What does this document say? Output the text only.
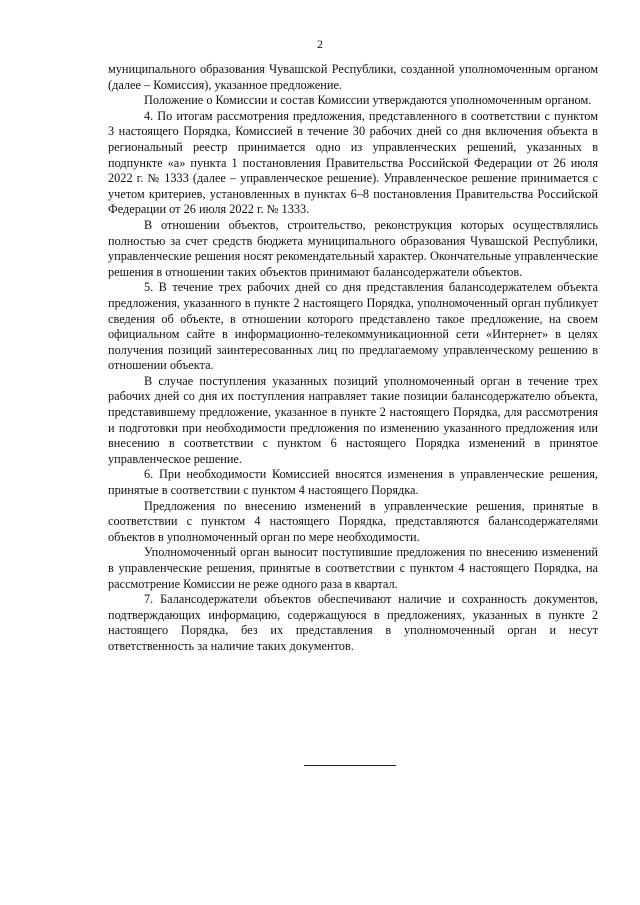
2

муниципального образования Чувашской Республики, созданной уполномоченным органом (далее – Комиссия), указанное предложение.

Положение о Комиссии и состав Комиссии утверждаются уполномоченным органом.

4. По итогам рассмотрения предложения, представленного в соответствии с пунктом 3 настоящего Порядка, Комиссией в течение 30 рабочих дней со дня включения объекта в региональный реестр принимается одно из управленческих решений, указанных в подпункте «а» пункта 1 постановления Правительства Российской Федерации от 26 июля 2022 г. № 1333 (далее – управленческое решение). Управленческое решение принимается с учетом критериев, установленных в пунктах 6–8 постановления Правительства Российской Федерации от 26 июля 2022 г. № 1333.

В отношении объектов, строительство, реконструкция которых осуществлялись полностью за счет средств бюджета муниципального образования Чувашской Республики, управленческие решения носят рекомендательный характер. Окончательные управленческие решения в отношении таких объектов принимают балансодержатели объектов.

5. В течение трех рабочих дней со дня представления балансодержателем объекта предложения, указанного в пункте 2 настоящего Порядка, уполномоченный орган публикует сведения об объекте, в отношении которого представлено такое предложение, на своем официальном сайте в информационно-телекоммуникационной сети «Интернет» в целях получения позиций заинтересованных лиц по предлагаемому управленческому решению в отношении объекта.

В случае поступления указанных позиций уполномоченный орган в течение трех рабочих дней со дня их поступления направляет такие позиции балансодержателю объекта, представившему предложение, указанное в пункте 2 настоящего Порядка, для рассмотрения и подготовки при необходимости предложения по изменению указанного предложения или внесению в соответствии с пунктом 6 настоящего Порядка изменений в принятое управленческое решение.

6. При необходимости Комиссией вносятся изменения в управленческие решения, принятые в соответствии с пунктом 4 настоящего Порядка.

Предложения по внесению изменений в управленческие решения, принятые в соответствии с пунктом 4 настоящего Порядка, представляются балансодержателями объектов в уполномоченный орган по мере необходимости.

Уполномоченный орган выносит поступившие предложения по внесению изменений в управленческие решения, принятые в соответствии с пунктом 4 настоящего Порядка, на рассмотрение Комиссии не реже одного раза в квартал.

7. Балансодержатели объектов обеспечивают наличие и сохранность документов, подтверждающих информацию, содержащуюся в предложениях, указанных в пункте 2 настоящего Порядка, без их представления в уполномоченный орган и несут ответственность за наличие таких документов.
